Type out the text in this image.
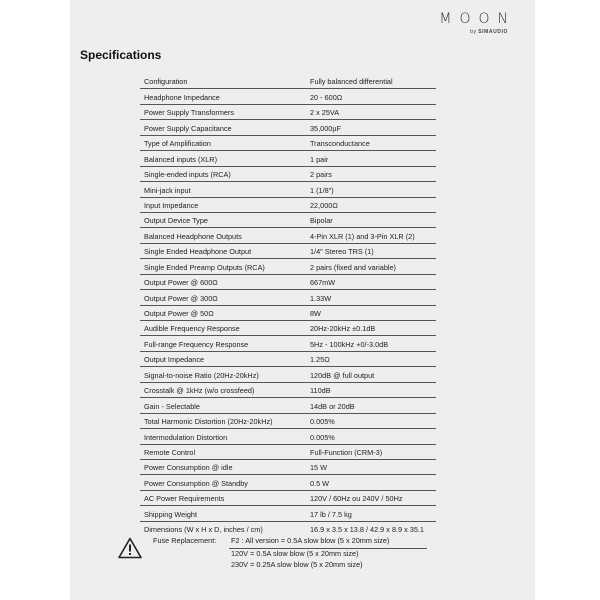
MOON
by SIMAUDIO
Specifications
Configuration	Fully balanced differential
Headphone Impedance	20 - 600Ω
Power Supply Transformers	2 x 25VA
Power Supply Capacitance	35,000µF
Type of Amplification	Transconductance
Balanced inputs (XLR)	1 pair
Single-ended inputs (RCA)	2 pairs
Mini-jack input	1 (1/8")
Input Impedance	22,000Ω
Output Device Type	Bipolar
Balanced Headphone Outputs	4-Pin XLR (1) and 3-Pin XLR (2)
Single Ended Headphone Output	1/4" Stereo TRS (1)
Single Ended Preamp Outputs (RCA)	2 pairs (fixed and variable)
Output Power @ 600Ω	667mW
Output Power @ 300Ω	1.33W
Output Power @ 50Ω	8W
Audible Frequency Response	20Hz-20kHz ±0.1dB
Full-range Frequency Response	5Hz - 100kHz +0/-3.0dB
Output Impedance	1.25Ω
Signal-to-noise Ratio (20Hz-20kHz)	120dB @ full output
Crosstalk @ 1kHz (w/o crossfeed)	110dB
Gain - Selectable	14dB or 20dB
Total Harmonic Distortion (20Hz-20kHz)	0.005%
Intermodulation Distortion	0.005%
Remote Control	Full-Function (CRM-3)
Power Consumption @ idle	15 W
Power Consumption @ Standby	0.5 W
AC Power Requirements	120V / 60Hz ou 240V / 50Hz
Shipping Weight	17 lb / 7.5 kg
Dimensions (W x H x D, inches / cm)	16.9 x 3.5 x 13.8 / 42.9 x 8.9 x 35.1
Fuse Replacement: F2 : All version = 0.5A slow blow (5 x 20mm size)
120V = 0.5A slow blow (5 x 20mm size)
230V = 0.25A slow blow (5 x 20mm size)
